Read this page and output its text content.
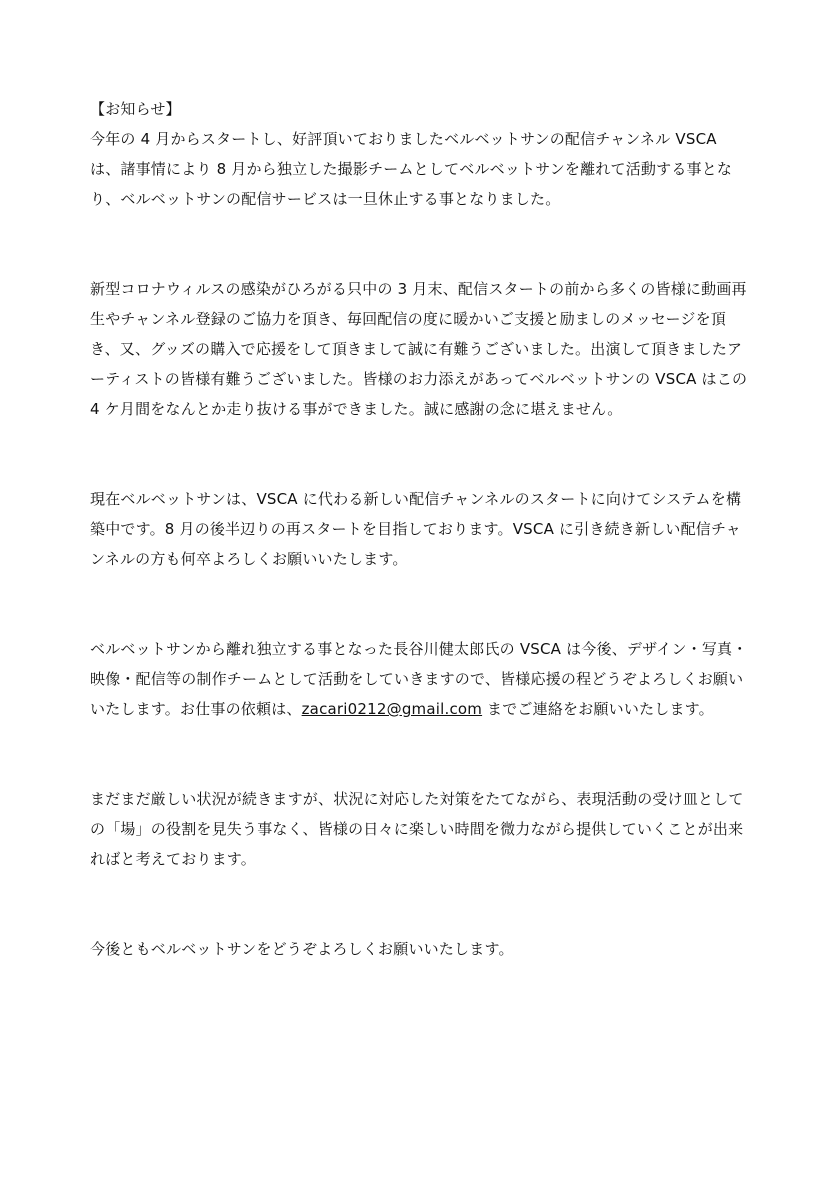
【お知らせ】

今年の 4 月からスタートし、好評頂いておりましたベルベットサンの配信チャンネル VSCA は、諸事情により 8 月から独立した撮影チームとしてベルベットサンを離れて活動する事となり、ベルベットサンの配信サービスは一旦休止する事となりました。

新型コロナウィルスの感染がひろがる只中の 3 月末、配信スタートの前から多くの皆様に動画再生やチャンネル登録のご協力を頂き、毎回配信の度に暖かいご支援と励ましのメッセージを頂き、又、グッズの購入で応援をして頂きまして誠に有難うございました。出演して頂きましたアーティストの皆様有難うございました。皆様のお力添えがあってベルベットサンの VSCA はこの 4 ケ月間をなんとか走り抜ける事ができました。誠に感謝の念に堪えません。

現在ベルベットサンは、VSCA に代わる新しい配信チャンネルのスタートに向けてシステムを構築中です。8 月の後半辺りの再スタートを目指しております。VSCA に引き続き新しい配信チャンネルの方も何卒よろしくお願いいたします。

ベルベットサンから離れ独立する事となった長谷川健太郎氏の VSCA は今後、デザイン・写真・映像・配信等の制作チームとして活動をしていきますので、皆様応援の程どうぞよろしくお願いいたします。お仕事の依頼は、zacari0212@gmail.com までご連絡をお願いいたします。

まだまだ厳しい状況が続きますが、状況に対応した対策をたてながら、表現活動の受け皿としての「場」の役割を見失う事なく、皆様の日々に楽しい時間を微力ながら提供していくことが出来ればと考えております。

今後ともベルベットサンをどうぞよろしくお願いいたします。
